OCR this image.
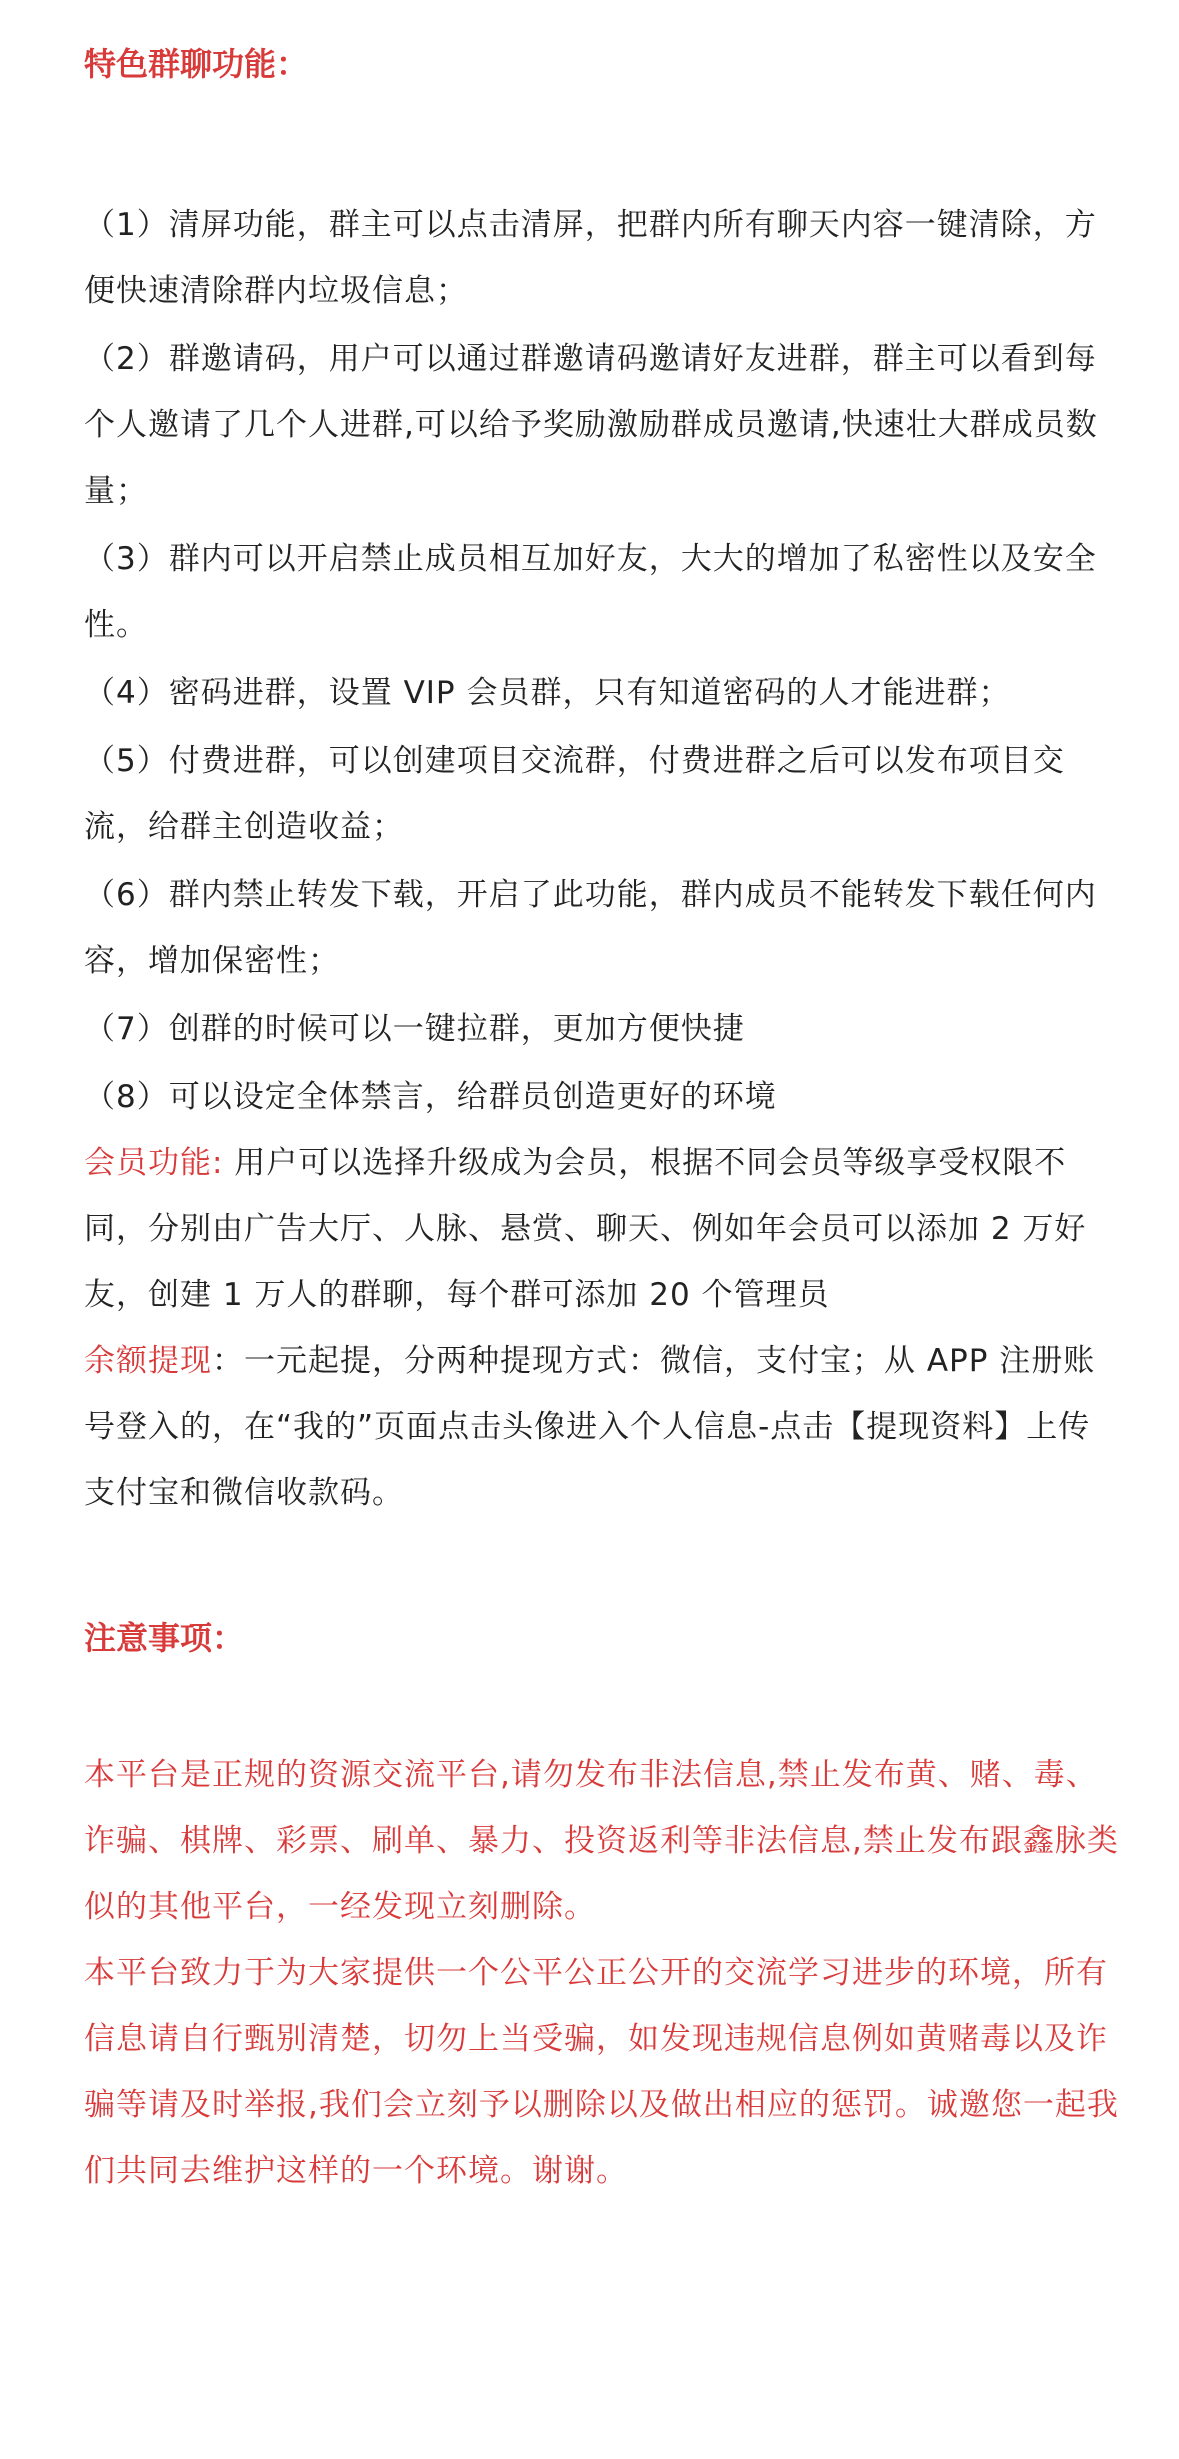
特色群聊功能：

（1）清屏功能，群主可以点击清屏，把群内所有聊天内容一键清除，方便快速清除群内垃圾信息；

（2）群邀请码，用户可以通过群邀请码邀请好友进群，群主可以看到每个人邀请了几个人进群,可以给予奖励激励群成员邀请,快速壮大群成员数量；

（3）群内可以开启禁止成员相互加好友，大大的增加了私密性以及安全性。

（4）密码进群，设置 VIP 会员群，只有知道密码的人才能进群；

（5）付费进群，可以创建项目交流群，付费进群之后可以发布项目交流，给群主创造收益；

（6）群内禁止转发下载，开启了此功能，群内成员不能转发下载任何内容，增加保密性；

（7）创群的时候可以一键拉群，更加方便快捷

（8）可以设定全体禁言，给群员创造更好的环境

会员功能: 用户可以选择升级成为会员，根据不同会员等级享受权限不同，分别由广告大厅、人脉、悬赏、聊天、例如年会员可以添加 2 万好友，创建 1 万人的群聊，每个群可添加 20 个管理员

余额提现：一元起提，分两种提现方式：微信，支付宝；从 APP 注册账号登入的，在“我的”页面点击头像进入个人信息-点击【提现资料】上传支付宝和微信收款码。

注意事项：

本平台是正规的资源交流平台,请勿发布非法信息,禁止发布黄、赌、毒、诈骗、棋牌、彩票、刷单、暴力、投资返利等非法信息,禁止发布跟鑫脉类似的其他平台，一经发现立刻删除。

本平台致力于为大家提供一个公平公正公开的交流学习进步的环境，所有信息请自行甄别清楚，切勿上当受骗，如发现违规信息例如黄赌毒以及诈骗等请及时举报,我们会立刻予以删除以及做出相应的惩罚。诚邀您一起我们共同去维护这样的一个环境。谢谢。
